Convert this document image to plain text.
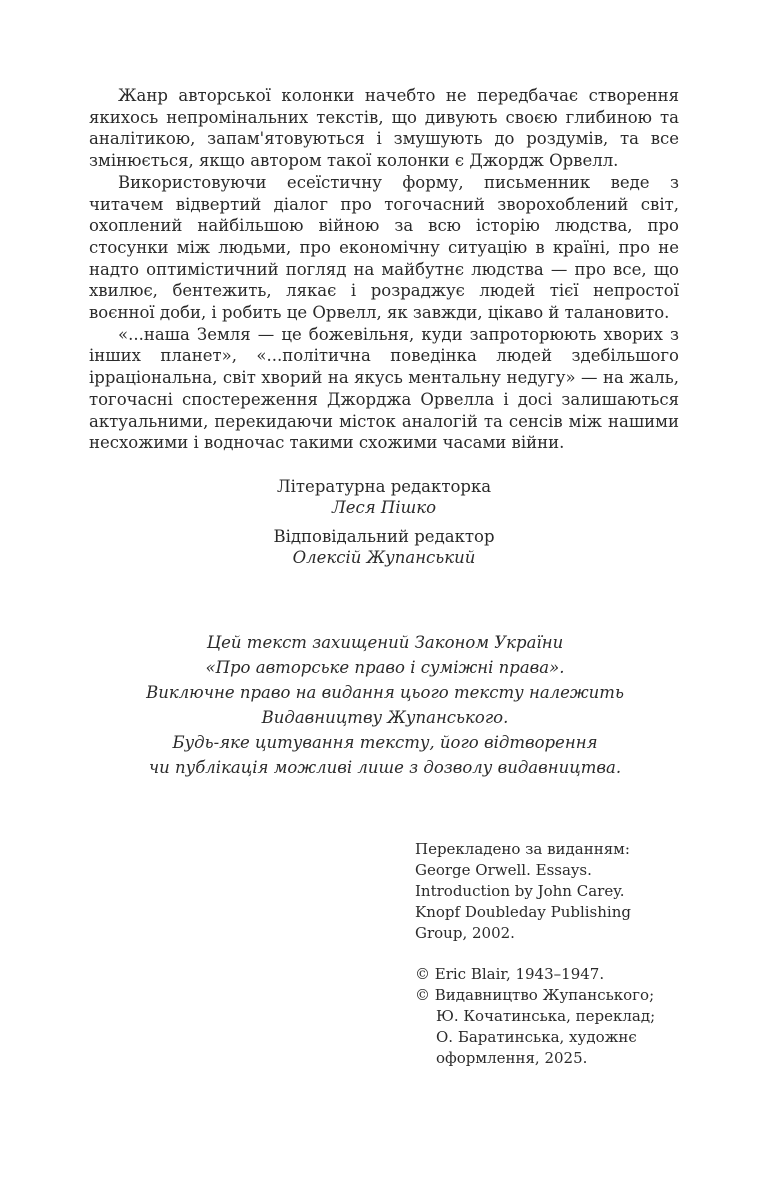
Жанр авторської колонки начебто не передбачає створення якихось непромінальних текстів, що дивують своєю глибиною та аналітикою, запам'ятовуються і змушують до роздумів, та все змінюється, якщо автором такої колонки є Джордж Орвелл.

Використовуючи есеїстичну форму, письменник веде з читачем відвертий діалог про тогочасний зворохоблений світ, охоплений найбільшою війною за всю історію людства, про стосунки між людьми, про економічну ситуацію в країні, про не надто оптимістичний погляд на майбутнє людства — про все, що хвилює, бентежить, лякає і розраджує людей тієї непростої воєнної доби, і робить це Орвелл, як завжди, цікаво й талановито.

«...наша Земля — це божевільня, куди запроторюють хворих з інших планет», «...політична поведінка людей здебільшого ірраціональна, світ хворий на якусь ментальну недугу» — на жаль, тогочасні спостереження Джорджа Орвелла і досі залишаються актуальними, перекидаючи місток аналогій та сенсів між нашими несхожими і водночас такими схожими часами війни.

Літературна редакторка
Леся Пішко
Відповідальний редактор
Олексій Жупанський
Цей текст захищений Законом України
«Про авторське право і суміжні права».
Виключне право на видання цього тексту належить
Видавництву Жупанського.
Будь-яке цитування тексту, його відтворення
чи публікація можливі лише з дозволу видавництва.
Перекладено за виданням:
George Orwell. Essays.
Introduction by John Carey.
Knopf Doubleday Publishing
Group, 2002.
© Eric Blair, 1943–1947.
© Видавництво Жупанського;
Ю. Кочатинська, переклад;
О. Баратинська, художнє
оформлення, 2025.
